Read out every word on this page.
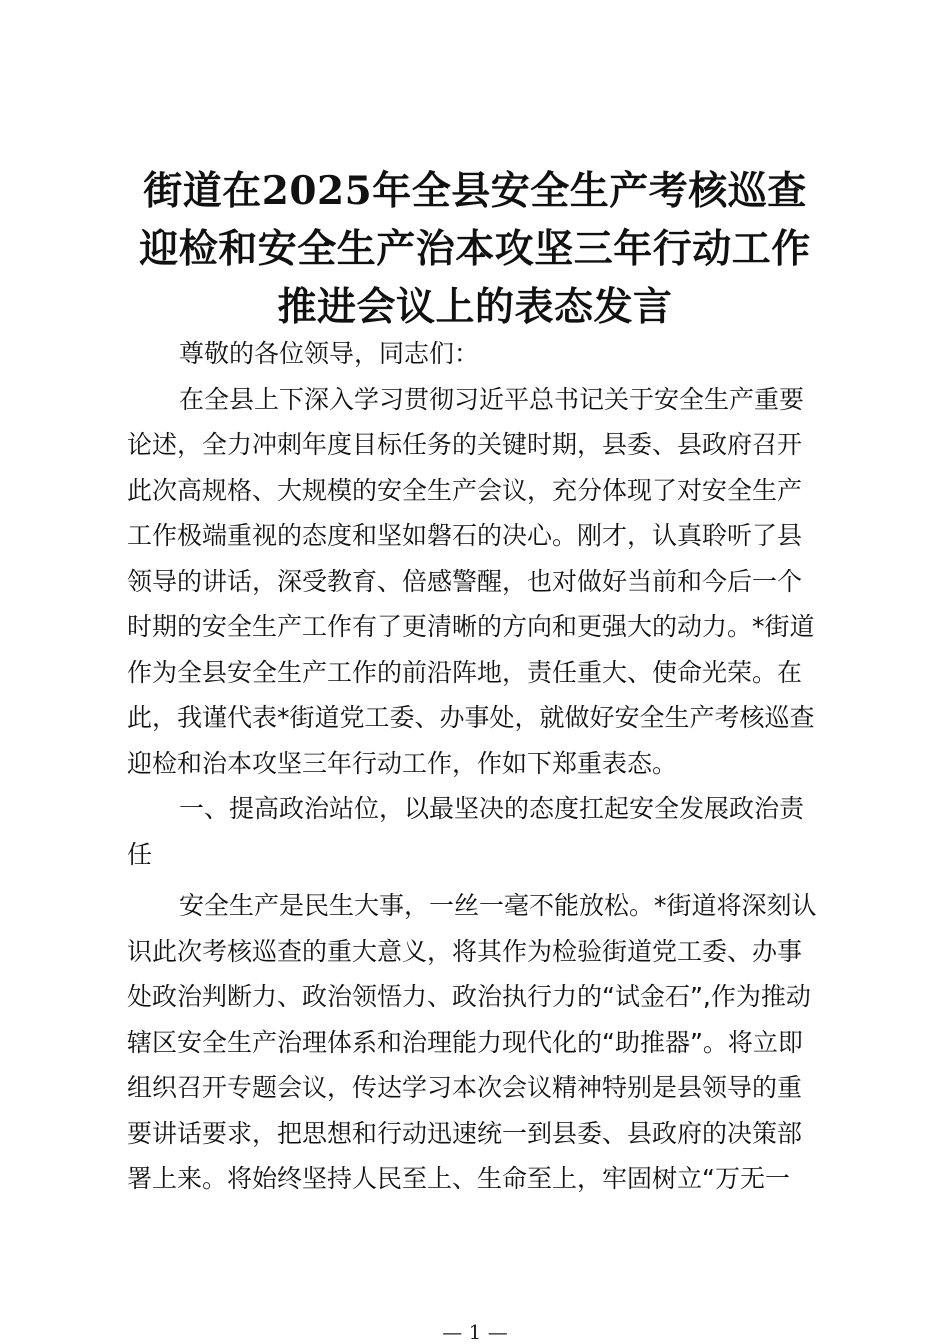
街道在2025年全县安全生产考核巡查
迎检和安全生产治本攻坚三年行动工作
推进会议上的表态发言
尊敬的各位领导，同志们：
在全县上下深入学习贯彻习近平总书记关于安全生产重要
论述，全力冲刺年度目标任务的关键时期，县委、县政府召开
此次高规格、大规模的安全生产会议，充分体现了对安全生产
工作极端重视的态度和坚如磐石的决心。刚才，认真聆听了县
领导的讲话，深受教育、倍感警醒，也对做好当前和今后一个
时期的安全生产工作有了更清晰的方向和更强大的动力。*街道
作为全县安全生产工作的前沿阵地，责任重大、使命光荣。在
此，我谨代表*街道党工委、办事处，就做好安全生产考核巡查
迎检和治本攻坚三年行动工作，作如下郑重表态。
一、提高政治站位，以最坚决的态度扛起安全发展政治责
任
安全生产是民生大事，一丝一毫不能放松。*街道将深刻认
识此次考核巡查的重大意义，将其作为检验街道党工委、办事
处政治判断力、政治领悟力、政治执行力的“试金石”,作为推动
辖区安全生产治理体系和治理能力现代化的“助推器”。将立即
组织召开专题会议，传达学习本次会议精神特别是县领导的重
要讲话要求，把思想和行动迅速统一到县委、县政府的决策部
署上来。将始终坚持人民至上、生命至上，牢固树立“万无一
— 1 —
